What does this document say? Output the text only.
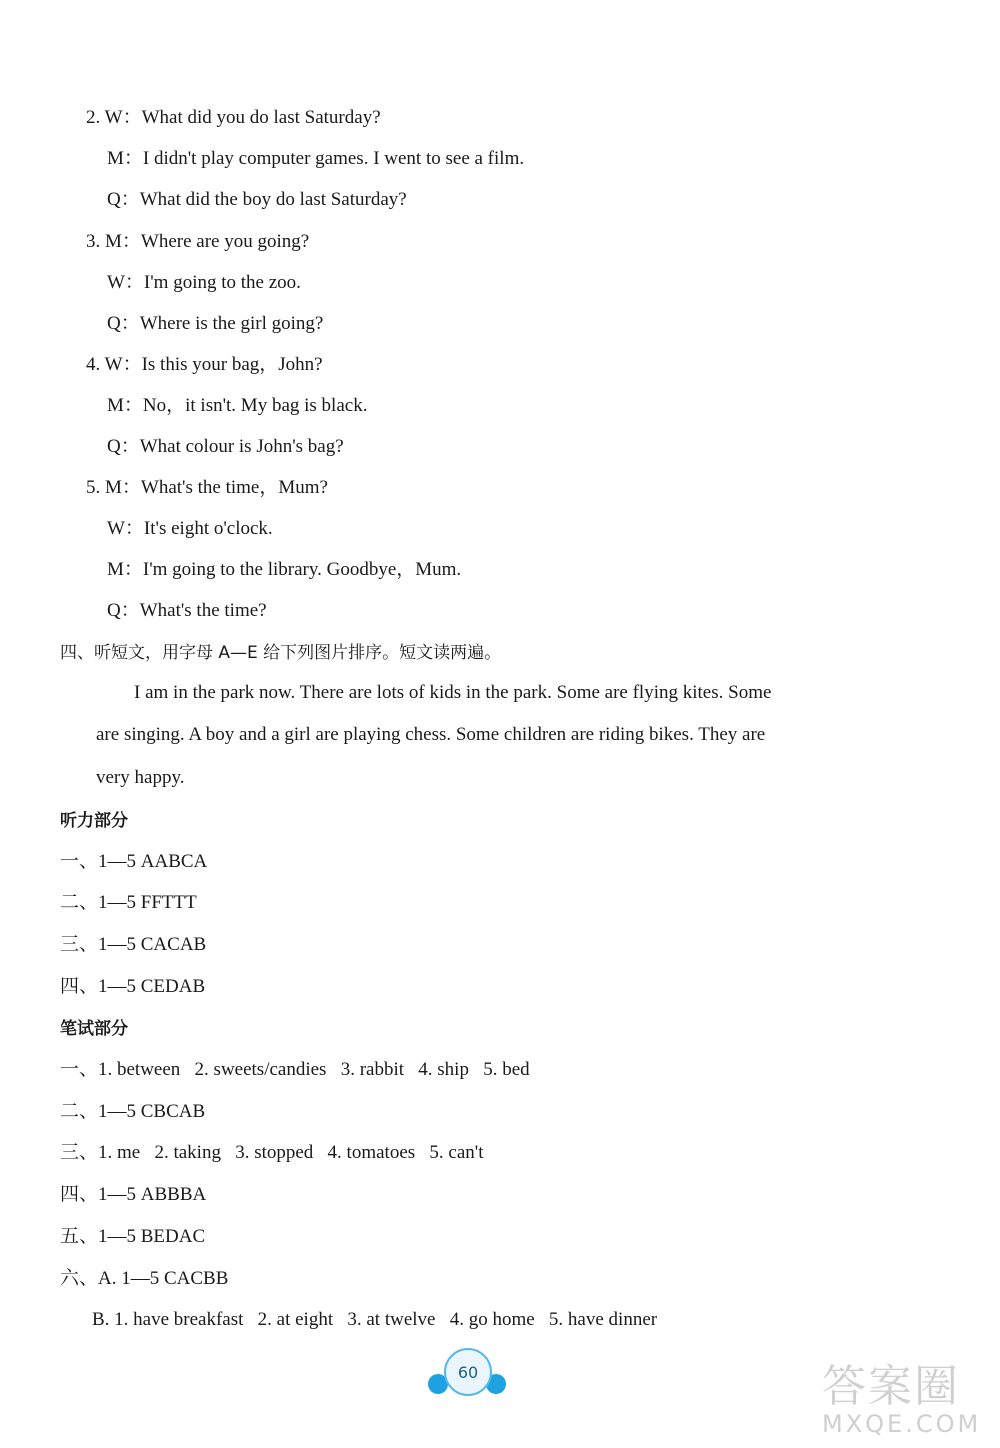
2. W：What did you do last Saturday?
M：I didn't play computer games. I went to see a film.
Q：What did the boy do last Saturday?
3. M：Where are you going?
W：I'm going to the zoo.
Q：Where is the girl going?
4. W：Is this your bag，John?
M：No，it isn't. My bag is black.
Q：What colour is John's bag?
5. M：What's the time，Mum?
W：It's eight o'clock.
M：I'm going to the library. Goodbye，Mum.
Q：What's the time?
四、听短文，用字母 A—E 给下列图片排序。短文读两遍。
I am in the park now. There are lots of kids in the park. Some are flying kites. Some
are singing. A boy and a girl are playing chess. Some children are riding bikes. They are
very happy.
听力部分
一、1—5 AABCA
二、1—5 FFTTT
三、1—5 CACAB
四、1—5 CEDAB
笔试部分
一、1. between   2. sweets/candies   3. rabbit   4. ship   5. bed
二、1—5 CBCAB
三、1. me   2. taking   3. stopped   4. tomatoes   5. can't
四、1—5 ABBBA
五、1—5 BEDAC
六、A. 1—5 CACBB
B. 1. have breakfast   2. at eight   3. at twelve   4. go home   5. have dinner
60	答案圈
MXQE.COM
